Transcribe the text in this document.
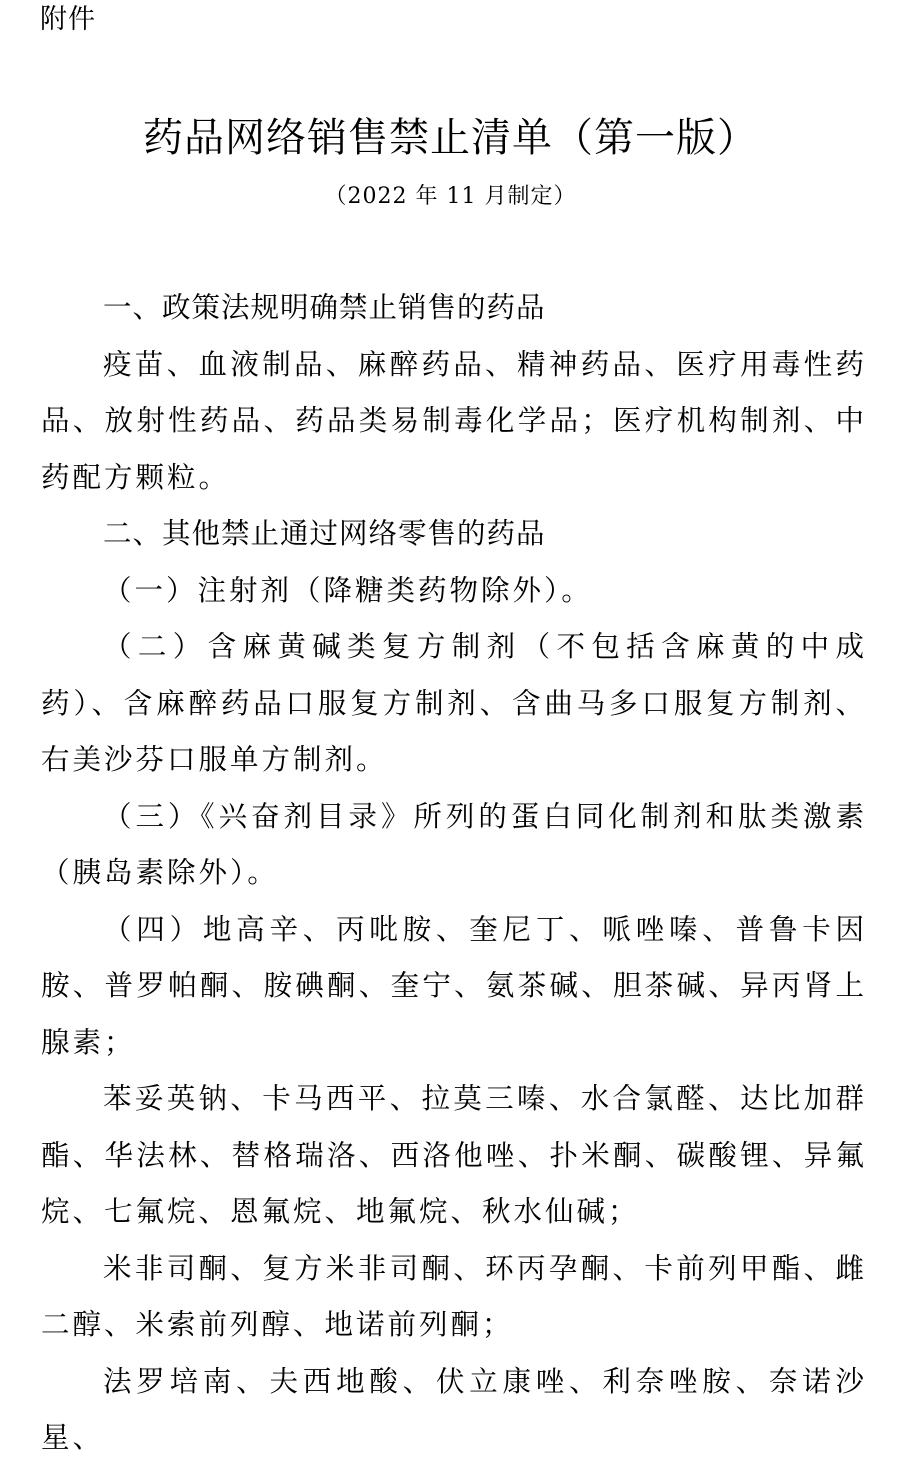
附件
药品网络销售禁止清单（第一版）
（2022 年 11 月制定）
一、政策法规明确禁止销售的药品

疫苗、血液制品、麻醉药品、精神药品、医疗用毒性药品、放射性药品、药品类易制毒化学品；医疗机构制剂、中药配方颗粒。

二、其他禁止通过网络零售的药品

（一）注射剂（降糖类药物除外）。

（二）含麻黄碱类复方制剂（不包括含麻黄的中成药）、含麻醉药品口服复方制剂、含曲马多口服复方制剂、右美沙芬口服单方制剂。

（三）《兴奋剂目录》所列的蛋白同化制剂和肽类激素（胰岛素除外）。

（四）地高辛、丙吡胺、奎尼丁、哌唑嗪、普鲁卡因胺、普罗帕酮、胺碘酮、奎宁、氨茶碱、胆茶碱、异丙肾上腺素；

苯妥英钠、卡马西平、拉莫三嗪、水合氯醛、达比加群酯、华法林、替格瑞洛、西洛他唑、扑米酮、碳酸锂、异氟烷、七氟烷、恩氟烷、地氟烷、秋水仙碱；

米非司酮、复方米非司酮、环丙孕酮、卡前列甲酯、雌二醇、米索前列醇、地诺前列酮；

法罗培南、夫西地酸、伏立康唑、利奈唑胺、奈诺沙星、
